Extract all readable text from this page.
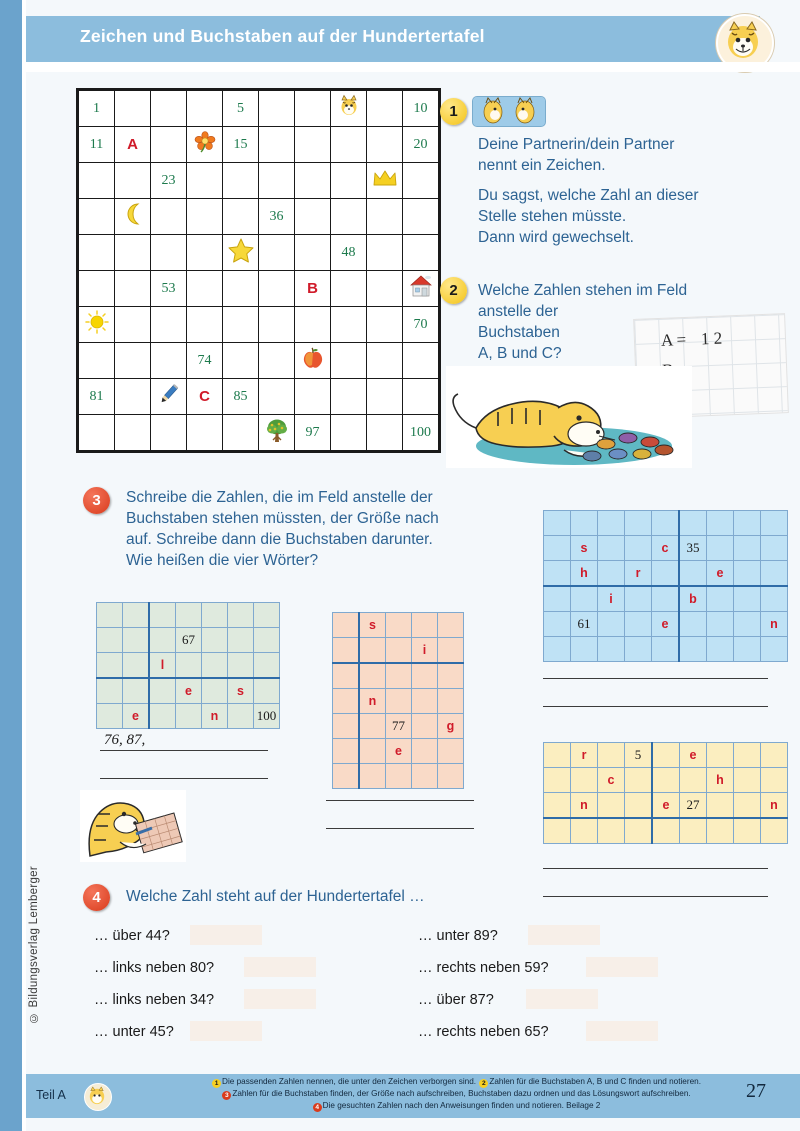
Zeichen und Buchstaben auf der Hundertertafel
1				5					10
11	A			15					20
		23							
					36				
							48		
		53				B			
									70
			74						
81			C	85					
						97			100
1
Deine Partnerin/dein Partner
nennt ein Zeichen.
Du sagst, welche Zahl an dieser
Stelle stehen müsste.
Dann wird gewechselt.
2	Welche Zahlen stehen im Feld
anstelle der
Buchstaben
A, B und C?
A = 1 2
3	Schreibe die Zahlen, die im Feld anstelle der
Buchstaben stehen müssten, der Größe nach
auf. Schreibe dann die Buchstaben darunter.
Wie heißen die vier Wörter?

			67			
		l				
			e		s	
	e			n		100
	s			
			i	

	n			
		77		g
		e		

	s			c	35			
	h		r			e		
		i			b			
	61			e				n

	r		5		e			
		c				h		
	n			e	27			n

76, 87,
4	Welche Zahl steht auf der Hundertertafel …
… über 44?
… links neben 80?
… links neben 34?
… unter 45?
… unter 89?
… rechts neben 59?
… über 87?
… rechts neben 65?
© Bildungsverlag Lemberger
Teil A
1 Die passenden Zahlen nennen, die unter den Zeichen verborgen sind. 2 Zahlen für die Buchstaben A, B und C finden und notieren.
3 Zahlen für die Buchstaben finden, der Größe nach aufschreiben, Buchstaben dazu ordnen und das Lösungswort aufschreiben.
4 Die gesuchten Zahlen nach den Anweisungen finden und notieren. Beilage 2
27
